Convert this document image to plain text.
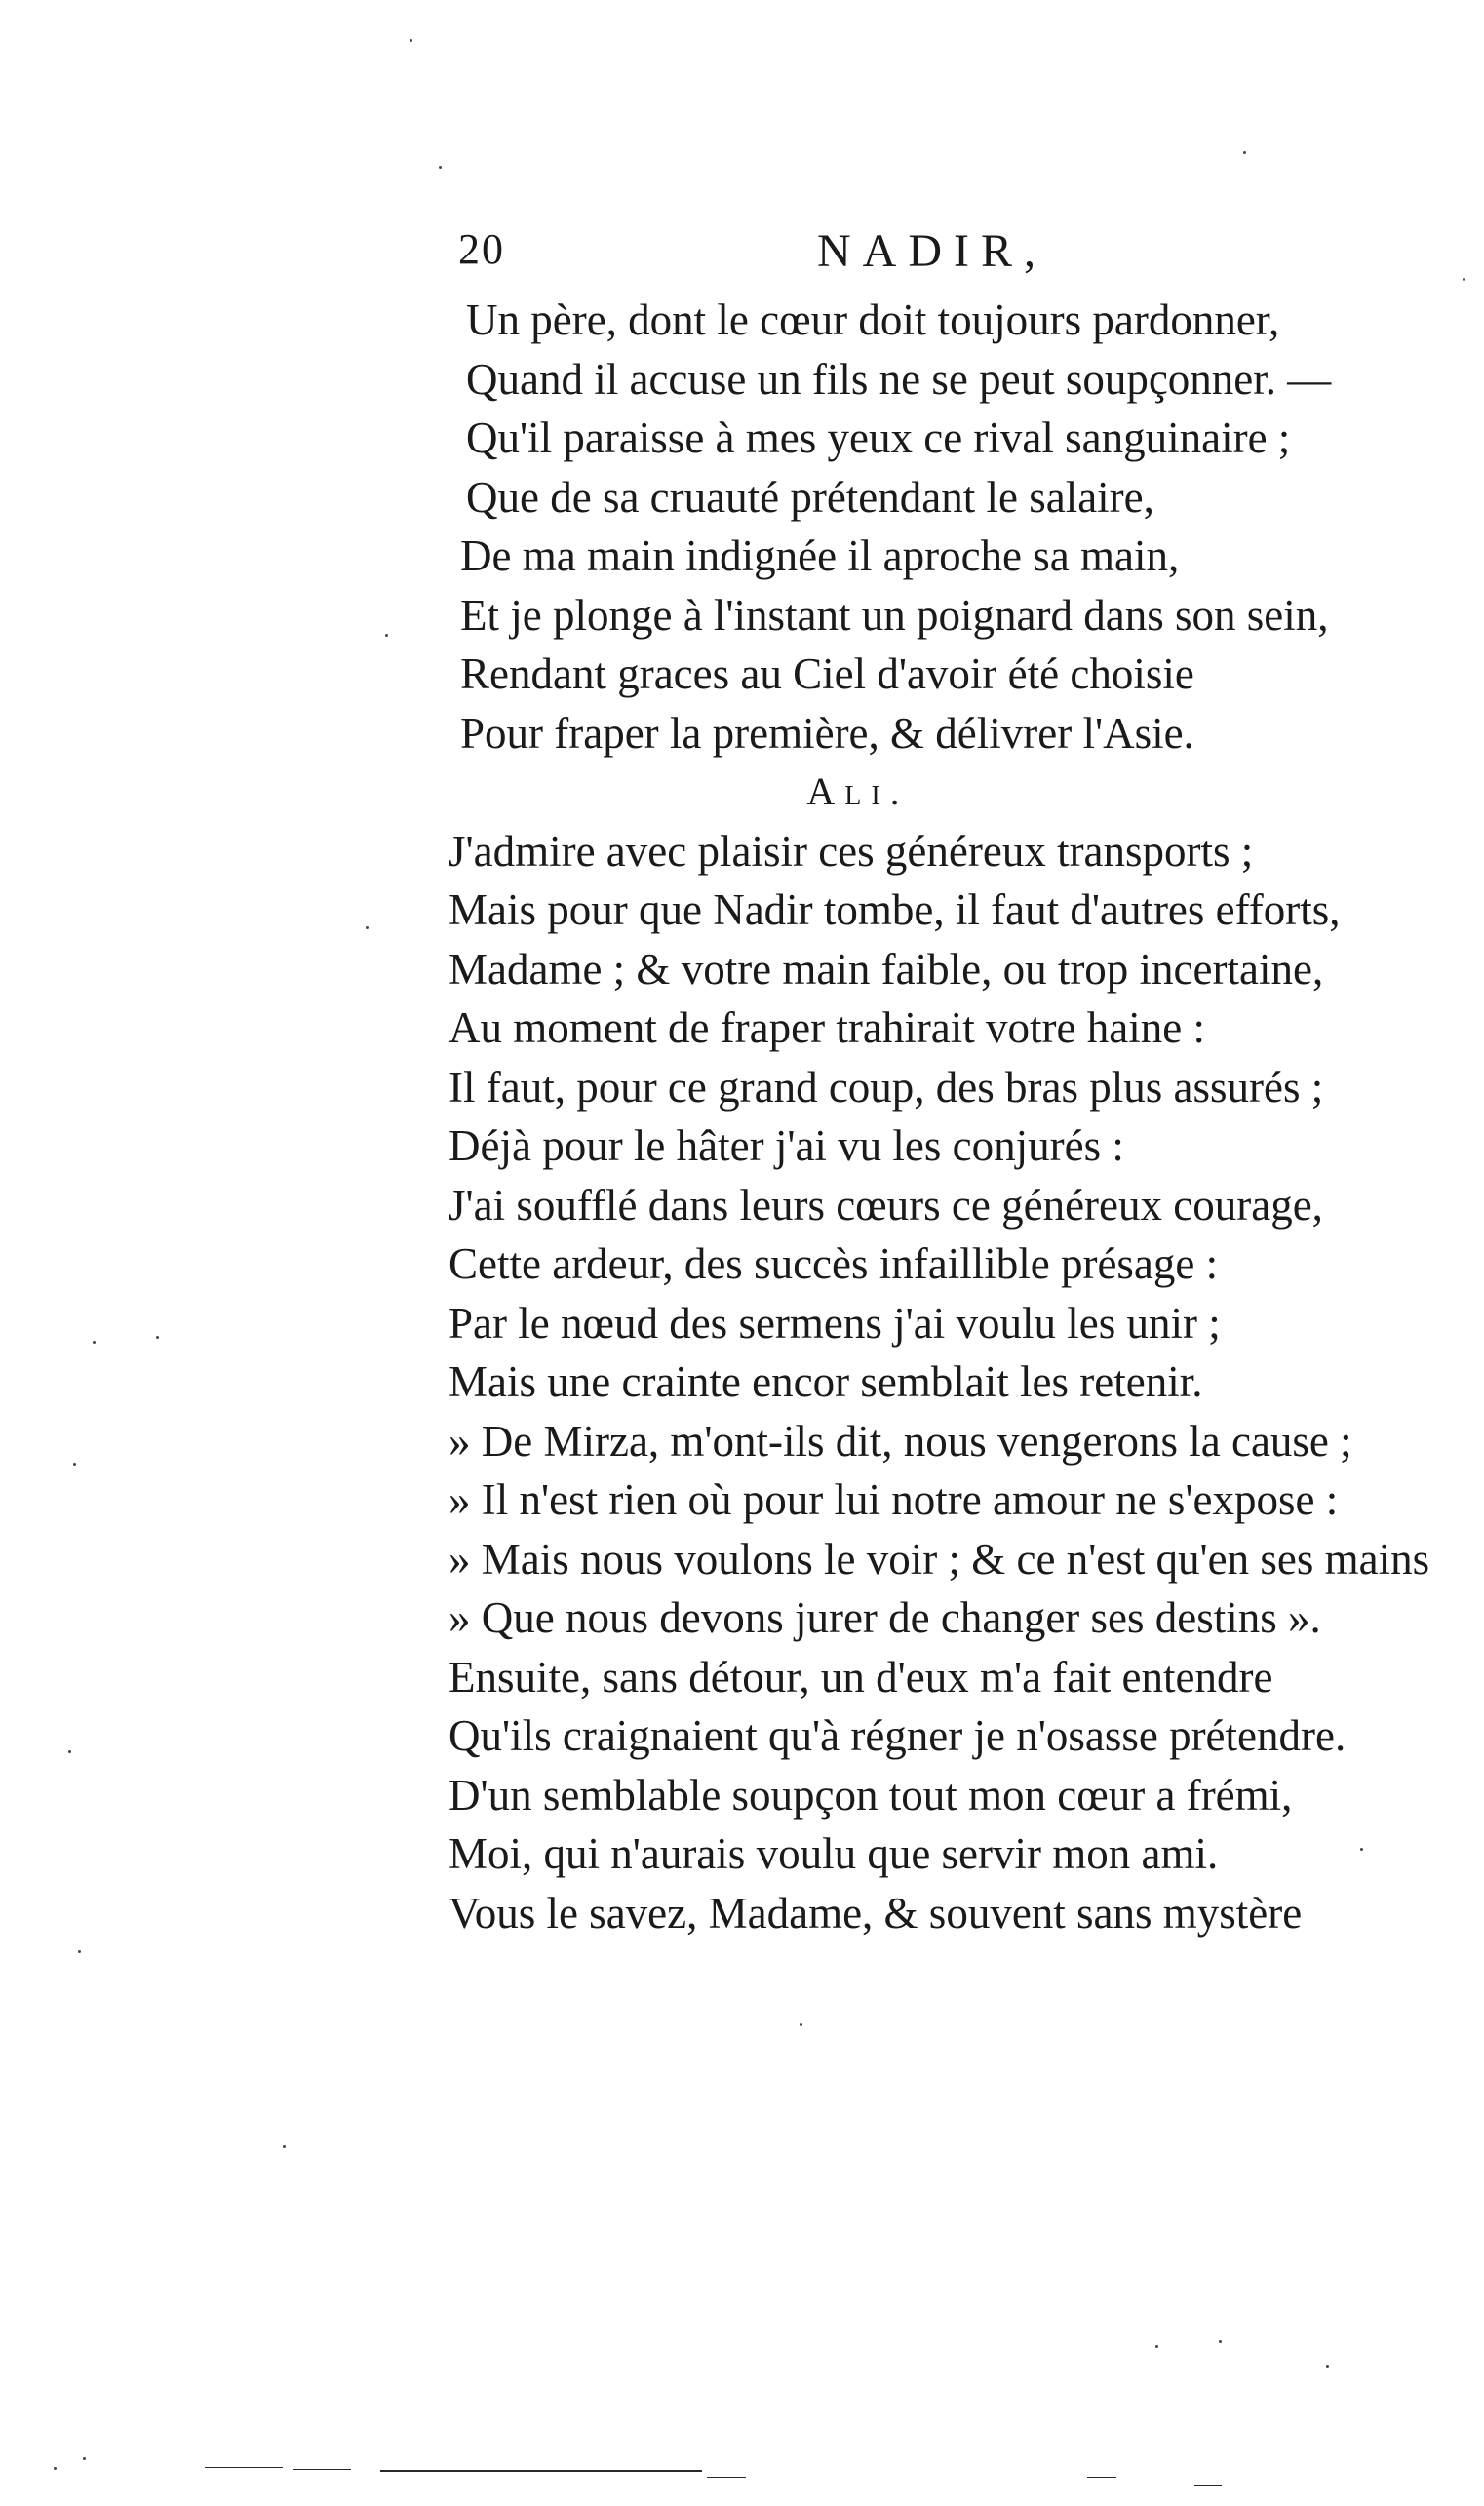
20	NADIR,
Un père, dont le cœur doit toujours pardonner,
Quand il accuse un fils ne se peut soupçonner. —
Qu'il paraisse à mes yeux ce rival sanguinaire ;
Que de sa cruauté prétendant le salaire,
De ma main indignée il aproche sa main,
Et je plonge à l'instant un poignard dans son sein,
Rendant graces au Ciel d'avoir été choisie
Pour fraper la première, & délivrer l'Asie.
Ali.
J'admire avec plaisir ces généreux transports ;
Mais pour que Nadir tombe, il faut d'autres efforts,
Madame ; & votre main faible, ou trop incertaine,
Au moment de fraper trahirait votre haine :
Il faut, pour ce grand coup, des bras plus assurés ;
Déjà pour le hâter j'ai vu les conjurés :
J'ai soufflé dans leurs cœurs ce généreux courage,
Cette ardeur, des succès infaillible présage :
Par le nœud des sermens j'ai voulu les unir ;
Mais une crainte encor semblait les retenir.
» De Mirza, m'ont-ils dit, nous vengerons la cause ;
» Il n'est rien où pour lui notre amour ne s'expose :
» Mais nous voulons le voir ; & ce n'est qu'en ses mains
» Que nous devons jurer de changer ses destins ».
Ensuite, sans détour, un d'eux m'a fait entendre
Qu'ils craignaient qu'à régner je n'osasse prétendre.
D'un semblable soupçon tout mon cœur a frémi,
Moi, qui n'aurais voulu que servir mon ami.
Vous le savez, Madame, & souvent sans mystère
